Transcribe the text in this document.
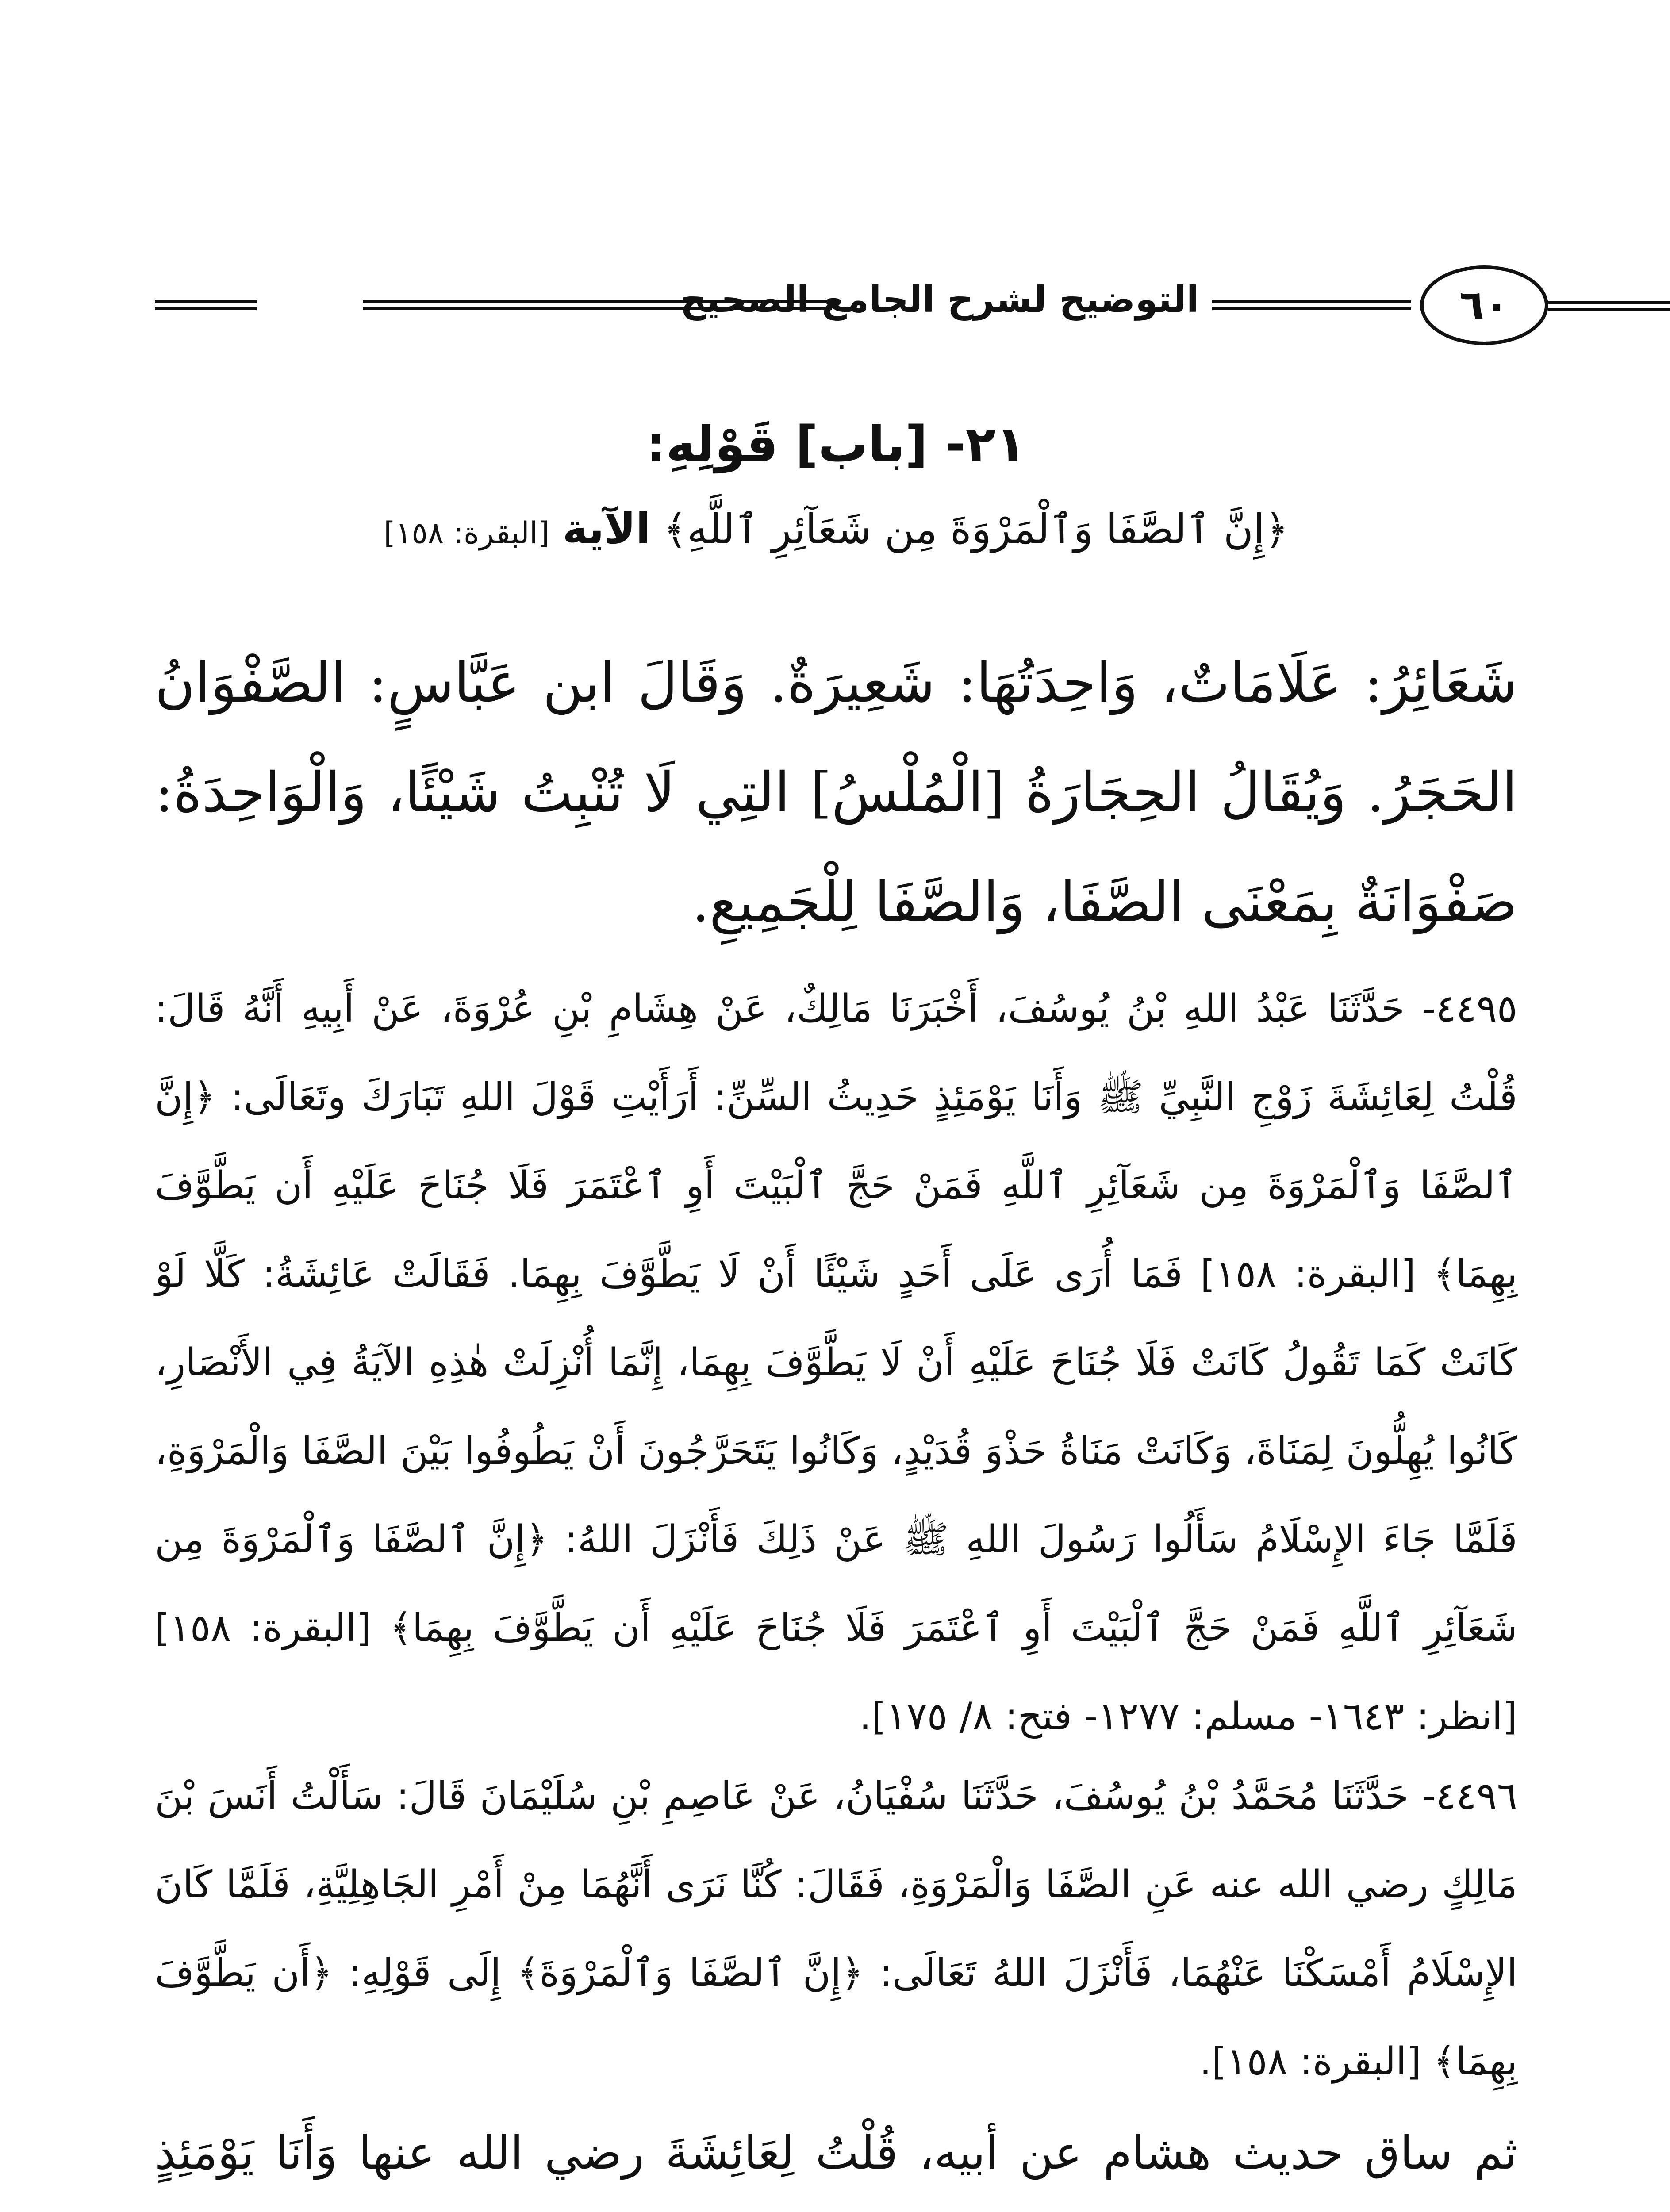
التوضيح لشرح الجامع الصحيح	٦٠
٢١- [باب] قَوْلِهِ:
﴿إِنَّ ٱلصَّفَا وَٱلْمَرْوَةَ مِن شَعَآئِرِ ٱللَّهِ﴾ الآية [البقرة: ١٥٨]
شَعَائِرُ: عَلَامَاتٌ، وَاحِدَتُهَا: شَعِيرَةٌ. وَقَالَ ابن عَبَّاسٍ: الصَّفْوَانُ الحَجَرُ. وَيُقَالُ الحِجَارَةُ [الْمُلْسُ] التِي لَا تُنْبِتُ شَيْئًا، وَالْوَاحِدَةُ: صَفْوَانَةٌ بِمَعْنَى الصَّفَا، وَالصَّفَا لِلْجَمِيعِ.
٤٤٩٥- حَدَّثَنَا عَبْدُ اللهِ بْنُ يُوسُفَ، أَخْبَرَنَا مَالِكٌ، عَنْ هِشَامِ بْنِ عُرْوَةَ، عَنْ أَبِيهِ أَنَّهُ قَالَ: قُلْتُ لِعَائِشَةَ زَوْجِ النَّبِيِّ ﷺ وَأَنَا يَوْمَئِذٍ حَدِيثُ السِّنِّ: أَرَأَيْتِ قَوْلَ اللهِ تَبَارَكَ وتَعَالَى: ﴿إِنَّ ٱلصَّفَا وَٱلْمَرْوَةَ مِن شَعَآئِرِ ٱللَّهِ فَمَنْ حَجَّ ٱلْبَيْتَ أَوِ ٱعْتَمَرَ فَلَا جُنَاحَ عَلَيْهِ أَن يَطَّوَّفَ بِهِمَا﴾ [البقرة: ١٥٨] فَمَا أُرَى عَلَى أَحَدٍ شَيْئًا أَنْ لَا يَطَّوَّفَ بِهِمَا. فَقَالَتْ عَائِشَةُ: كَلَّا لَوْ كَانَتْ كَمَا تَقُولُ كَانَتْ فَلَا جُنَاحَ عَلَيْهِ أَنْ لَا يَطَّوَّفَ بِهِمَا، إِنَّمَا أُنْزِلَتْ هٰذِهِ الآيَةُ فِي الأَنْصَارِ، كَانُوا يُهِلُّونَ لِمَنَاةَ، وَكَانَتْ مَنَاةُ حَذْوَ قُدَيْدٍ، وَكَانُوا يَتَحَرَّجُونَ أَنْ يَطُوفُوا بَيْنَ الصَّفَا وَالْمَرْوَةِ، فَلَمَّا جَاءَ الإِسْلَامُ سَأَلُوا رَسُولَ اللهِ ﷺ عَنْ ذَلِكَ فَأَنْزَلَ اللهُ: ﴿إِنَّ ٱلصَّفَا وَٱلْمَرْوَةَ مِن شَعَآئِرِ ٱللَّهِ فَمَنْ حَجَّ ٱلْبَيْتَ أَوِ ٱعْتَمَرَ فَلَا جُنَاحَ عَلَيْهِ أَن يَطَّوَّفَ بِهِمَا﴾ [البقرة: ١٥٨] [انظر: ١٦٤٣- مسلم: ١٢٧٧- فتح: ٨/ ١٧٥].
٤٤٩٦- حَدَّثَنَا مُحَمَّدُ بْنُ يُوسُفَ، حَدَّثَنَا سُفْيَانُ، عَنْ عَاصِمِ بْنِ سُلَيْمَانَ قَالَ: سَأَلْتُ أَنَسَ بْنَ مَالِكٍ رضي الله عنه عَنِ الصَّفَا وَالْمَرْوَةِ، فَقَالَ: كُنَّا نَرَى أَنَّهُمَا مِنْ أَمْرِ الجَاهِلِيَّةِ، فَلَمَّا كَانَ الإِسْلَامُ أَمْسَكْنَا عَنْهُمَا، فَأَنْزَلَ اللهُ تَعَالَى: ﴿إِنَّ ٱلصَّفَا وَٱلْمَرْوَةَ﴾ إِلَى قَوْلِهِ: ﴿أَن يَطَّوَّفَ بِهِمَا﴾ [البقرة: ١٥٨].
ثم ساق حديث هشام عن أبيه، قُلْتُ لِعَائِشَةَ رضي الله عنها وَأَنَا يَوْمَئِذٍ
